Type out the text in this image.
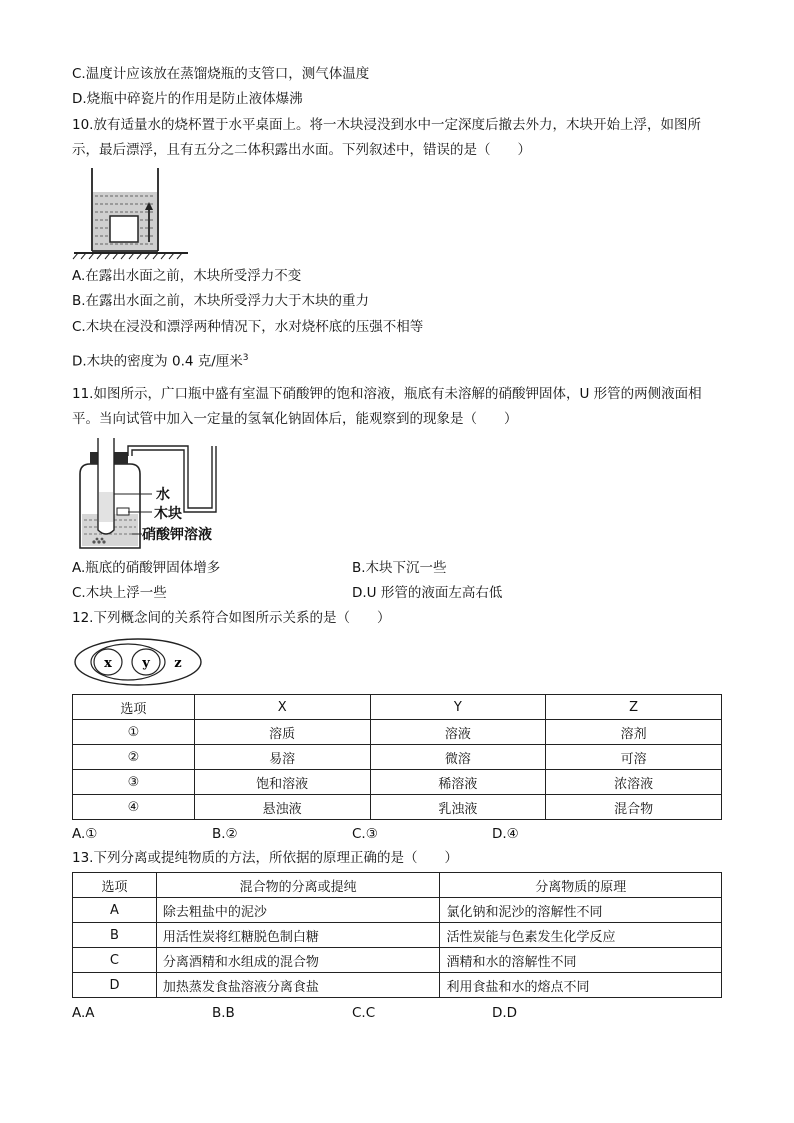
C.温度计应该放在蒸馏烧瓶的支管口，测气体温度
D.烧瓶中碎瓷片的作用是防止液体爆沸
10.放有适量水的烧杯置于水平桌面上。将一木块浸没到水中一定深度后撤去外力，木块开始上浮，如图所示，最后漂浮，且有五分之二体积露出水面。下列叙述中，错误的是（　　）
A.在露出水面之前，木块所受浮力不变
B.在露出水面之前，木块所受浮力大于木块的重力
C.木块在浸没和漂浮两种情况下，水对烧杯底的压强不相等
D.木块的密度为 0.4 克/厘米$^3$
11.如图所示，广口瓶中盛有室温下硝酸钾的饱和溶液，瓶底有未溶解的硝酸钾固体，U 形管的两侧液面相平。当向试管中加入一定量的氢氧化钠固体后，能观察到的现象是（　　）
水
木块
硝酸钾溶液
A.瓶底的硝酸钾固体增多	B.木块下沉一些
C.木块上浮一些	D.U 形管的液面左高右低
12.下列概念间的关系符合如图所示关系的是（　　）
x y z
选项	X	Y	Z
①	溶质	溶液	溶剂
②	易溶	微溶	可溶
③	饱和溶液	稀溶液	浓溶液
④	悬浊液	乳浊液	混合物
A.①	B.②	C.③	D.④
13.下列分离或提纯物质的方法，所依据的原理正确的是（　　）
选项	混合物的分离或提纯	分离物质的原理
A	除去粗盐中的泥沙	氯化钠和泥沙的溶解性不同
B	用活性炭将红糖脱色制白糖	活性炭能与色素发生化学反应
C	分离酒精和水组成的混合物	酒精和水的溶解性不同
D	加热蒸发食盐溶液分离食盐	利用食盐和水的熔点不同
A.A	B.B	C.C	D.D
